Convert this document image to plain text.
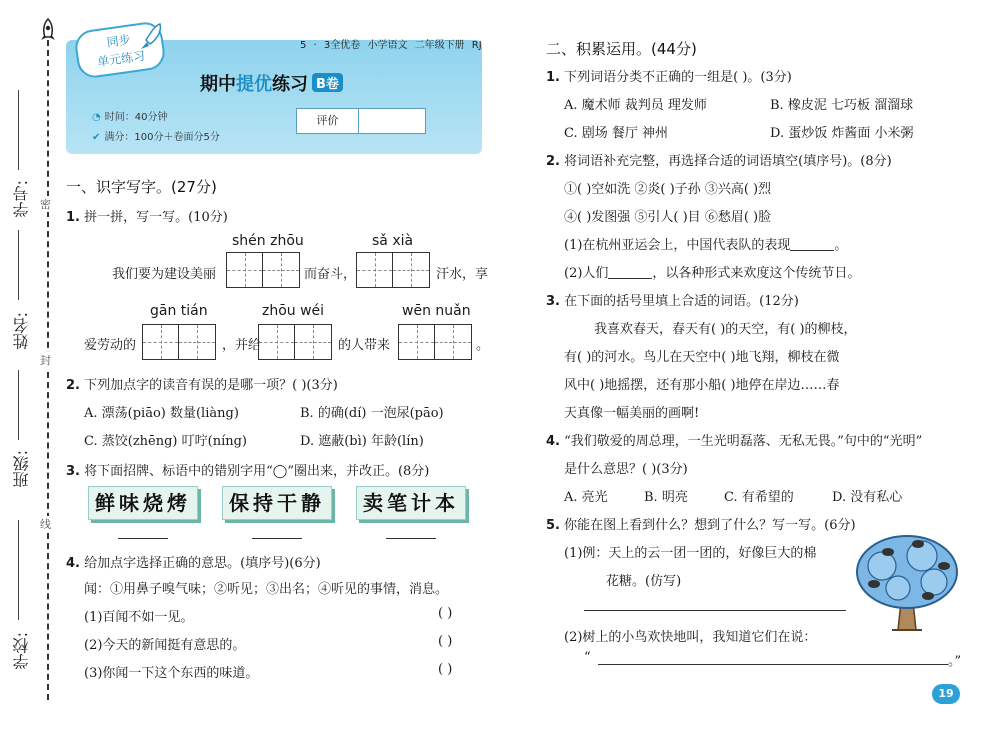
学号:
姓名:
班级:
学校:
密
封
线
同步
单元练习
5 · 3全优卷 小学语文 二年级下册 RJ
期中提优练习 B卷
◔ 时间：40分钟
✔ 满分：100分＋卷面分5分
评价
一、识字写字。(27分)
1. 拼一拼，写一写。(10分)
shén zhōu	sǎ xià
我们要为建设美丽	而奋斗，	汗水，享
gān tián	zhōu wéi	wēn nuǎn
爱劳动的	，并给	的人带来	。
2. 下列加点字的读音有误的是哪一项？( )(3分)
A. 漂荡(piāo) 数量(liàng)	B. 的确(dí) 一泡尿(pāo)
C. 蒸饺(zhēng) 叮咛(níng)	D. 遮蔽(bì) 年龄(lín)
3. 将下面招牌、标语中的错别字用“◯”圈出来，并改正。(8分)
鲜味烧烤	保持干静	卖笔计本
4. 给加点字选择正确的意思。(填序号)(6分)
闻：①用鼻子嗅气味；②听见；③出名；④听见的事情，消息。
(1)百闻不如一见。	( )
(2)今天的新闻挺有意思的。	( )
(3)你闻一下这个东西的味道。	( )
二、积累运用。(44分)
1. 下列词语分类不正确的一组是( )。(3分)
A. 魔术师 裁判员 理发师	B. 橡皮泥 七巧板 溜溜球
C. 剧场 餐厅 神州	D. 蛋炒饭 炸酱面 小米粥
2. 将词语补充完整，再选择合适的词语填空(填序号)。(8分)
①( )空如洗 ②炎( )子孙 ③兴高( )烈
④( )发图强 ⑤引人( )目 ⑥愁眉( )脸
(1)在杭州亚运会上，中国代表队的表现	。
(2)人们	，以各种形式来欢度这个传统节日。
3. 在下面的括号里填上合适的词语。(12分)
我喜欢春天，春天有( )的天空，有( )的柳枝，
有( )的河水。鸟儿在天空中( )地飞翔，柳枝在微
风中( )地摇摆，还有那小船( )地停在岸边……春
天真像一幅美丽的画啊!
4. “我们敬爱的周总理，一生光明磊落、无私无畏。”句中的“光明”
是什么意思？( )(3分)
A. 亮光	B. 明亮	C. 有希望的	D. 没有私心
5. 你能在图上看到什么？想到了什么？写一写。(6分)
(1)例：天上的云一团一团的，好像巨大的棉
花糖。(仿写)
(2)树上的小鸟欢快地叫，我知道它们在说：
“	。”
19
